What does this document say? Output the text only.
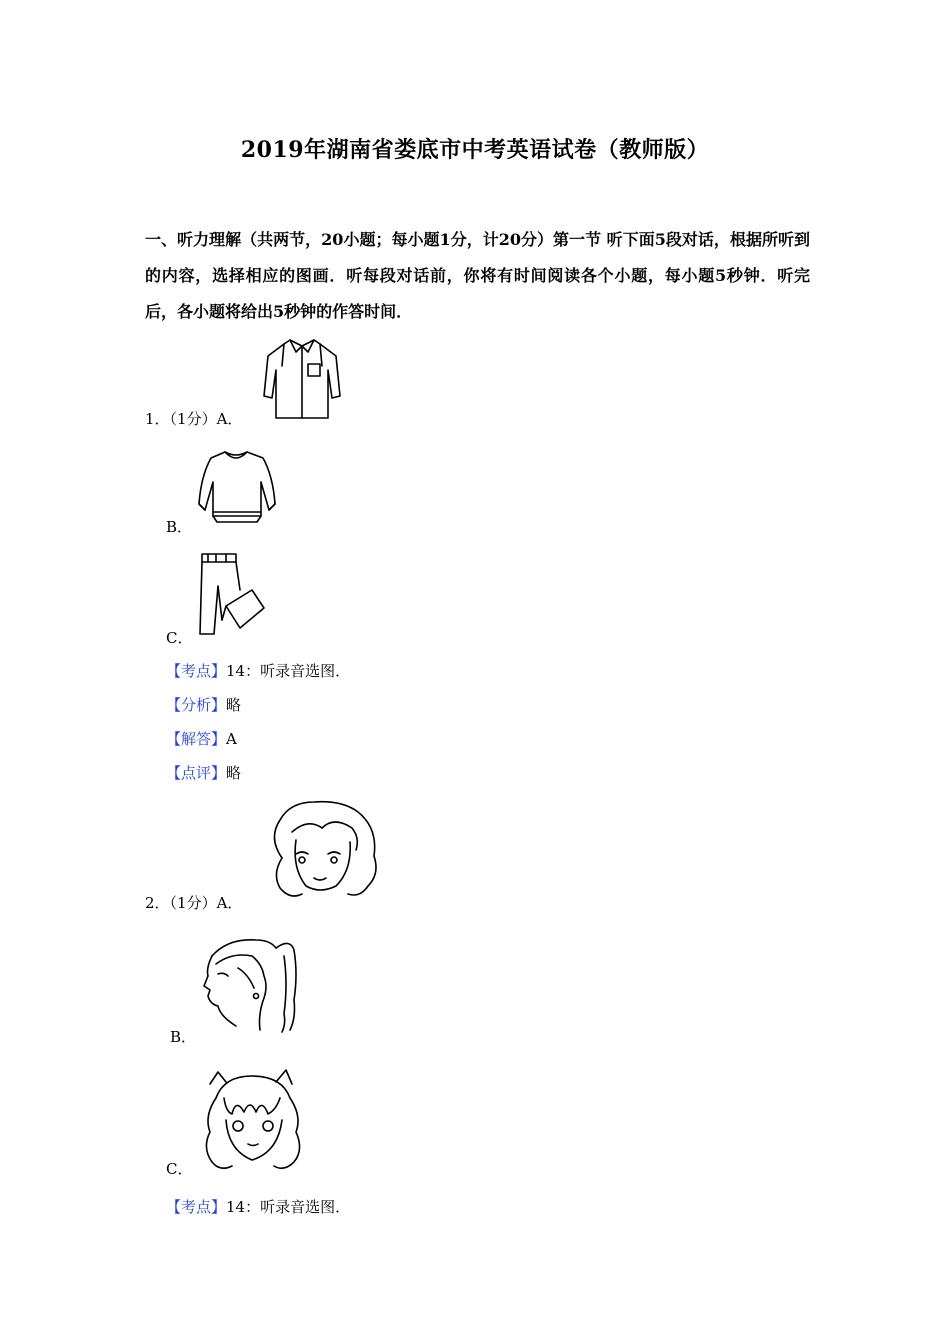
2019年湖南省娄底市中考英语试卷（教师版）
一、听力理解（共两节，20小题；每小题1分，计20分）第一节 听下面5段对话，根据所听到的内容，选择相应的图画．听每段对话前，你将有时间阅读各个小题，每小题5秒钟．听完后，各小题将给出5秒钟的作答时间．
1．（1分）A．
B．
C．
【考点】14：听录音选图．
【分析】略
【解答】A
【点评】略
2．（1分）A．
B．
C．
【考点】14：听录音选图．
